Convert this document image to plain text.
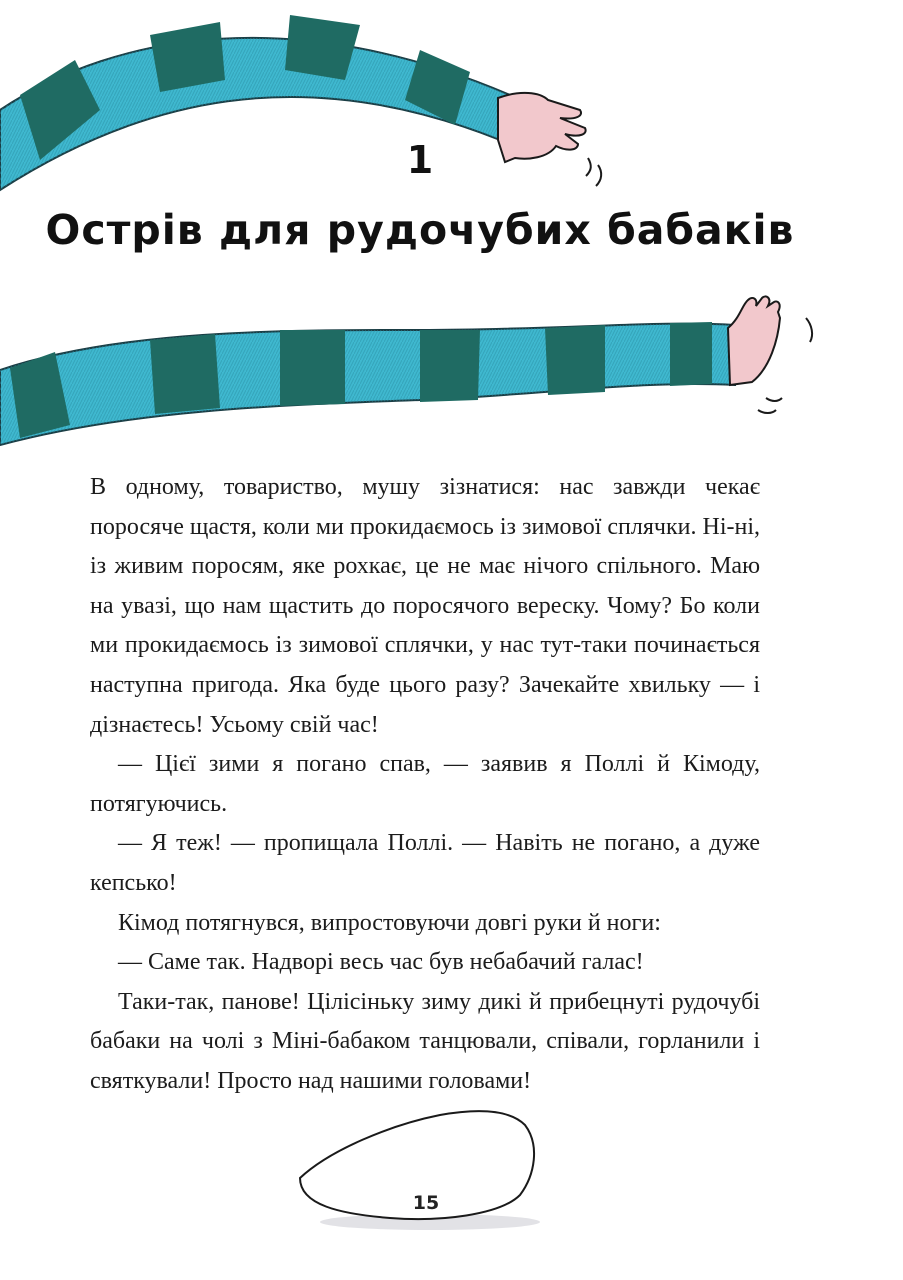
1
Острів для рудочубих бабаків

В одному, товариство, мушу зізнатися: нас завжди чекає поросяче щастя, коли ми прокидаємось із зимової сплячки. Ні-ні, із живим поросям, яке рохкає, це не має нічого спільного. Маю на увазі, що нам щастить до поросячого вереску. Чому? Бо коли ми прокидаємось із зимової сплячки, у нас тут-таки починається наступна пригода. Яка буде цього разу? Зачекайте хвильку — і дізнаєтесь! Усьому свій час!

— Цієї зими я погано спав, — заявив я Поллі й Кімоду, потягуючись.

— Я теж! — пропищала Поллі. — Навіть не погано, а дуже кепсько!

Кімод потягнувся, випростовуючи довгі руки й ноги:

— Саме так. Надворі весь час був небабачий галас!

Таки-так, панове! Цілісіньку зиму дикі й прибецнуті рудочубі бабаки на чолі з Міні-бабаком танцювали, співали, горланили і святкували! Просто над нашими головами!

15
